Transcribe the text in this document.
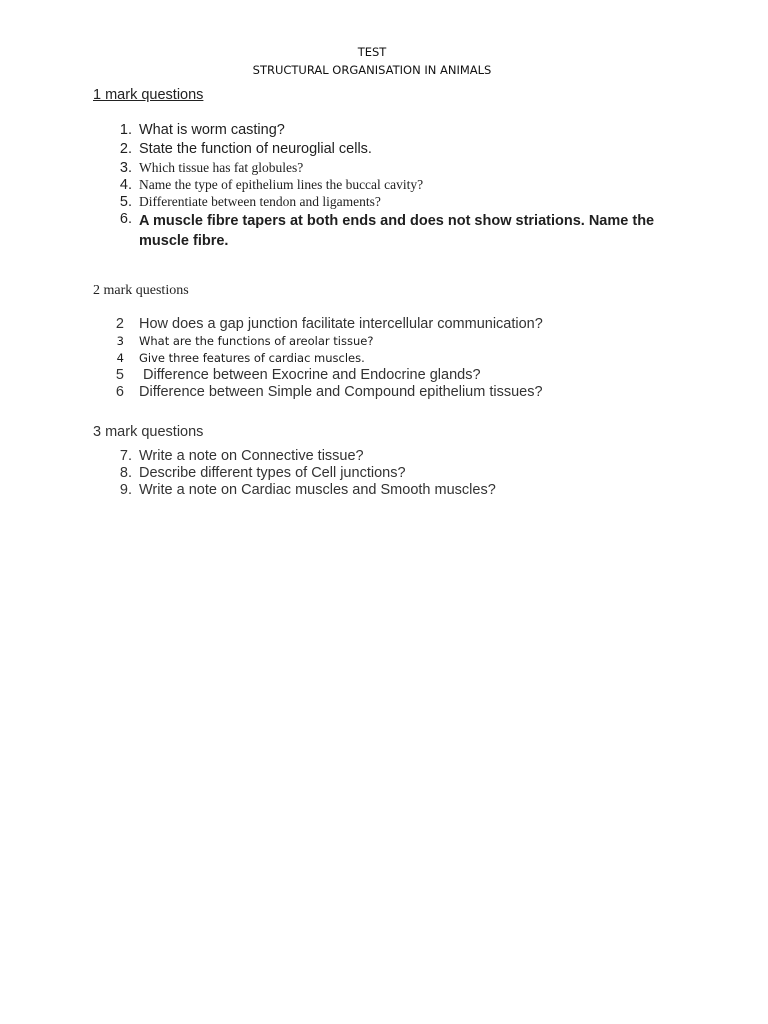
TEST
STRUCTURAL ORGANISATION IN ANIMALS
1 mark questions
1. What is worm casting?
2. State the function of neuroglial cells.
3. Which tissue has fat globules?
4. Name the type of epithelium lines the buccal cavity?
5. Differentiate between tendon and ligaments?
6. A muscle fibre tapers at both ends and does not show striations. Name the muscle fibre.
2 mark questions
2 How does a gap junction facilitate intercellular communication?
3 What are the functions of areolar tissue?
4 Give three features of cardiac muscles.
5 Difference between Exocrine and Endocrine glands?
6 Difference between Simple and Compound epithelium tissues?
3 mark questions
7. Write a note on Connective tissue?
8. Describe different types of Cell junctions?
9. Write a note on Cardiac muscles and Smooth muscles?
